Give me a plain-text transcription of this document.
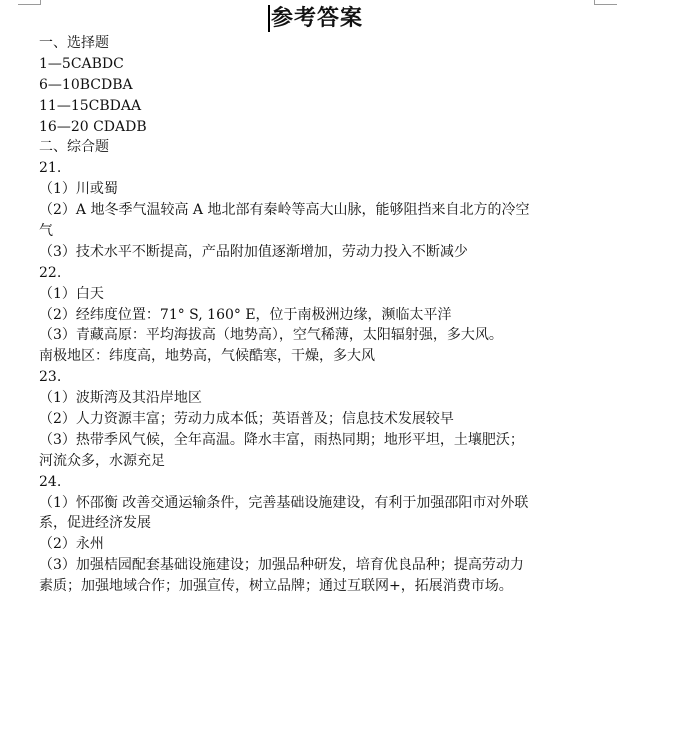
参考答案
一、选择题
1—5CABDC
6—10BCDBA
11—15CBDAA
16—20 CDADB
二、综合题
21.
（1）川或蜀
（2）A 地冬季气温较高 A 地北部有秦岭等高大山脉，能够阻挡来自北方的冷空
气
（3）技术水平不断提高，产品附加值逐渐增加，劳动力投入不断减少
22.
（1）白天
（2）经纬度位置：71° S, 160° E，位于南极洲边缘，濒临太平洋
（3）青藏高原：平均海拔高（地势高），空气稀薄，太阳辐射强，多大风。
南极地区：纬度高，地势高，气候酷寒，干燥，多大风
23.
（1）波斯湾及其沿岸地区
（2）人力资源丰富；劳动力成本低；英语普及；信息技术发展较早
（3）热带季风气候，全年高温。降水丰富，雨热同期；地形平坦，土壤肥沃；
河流众多，水源充足
24.
（1）怀邵衡 改善交通运输条件，完善基础设施建设，有利于加强邵阳市对外联
系，促进经济发展
（2）永州
（3）加强桔园配套基础设施建设；加强品种研发，培育优良品种；提高劳动力
素质；加强地域合作；加强宣传，树立品牌；通过互联网+，拓展消费市场。
